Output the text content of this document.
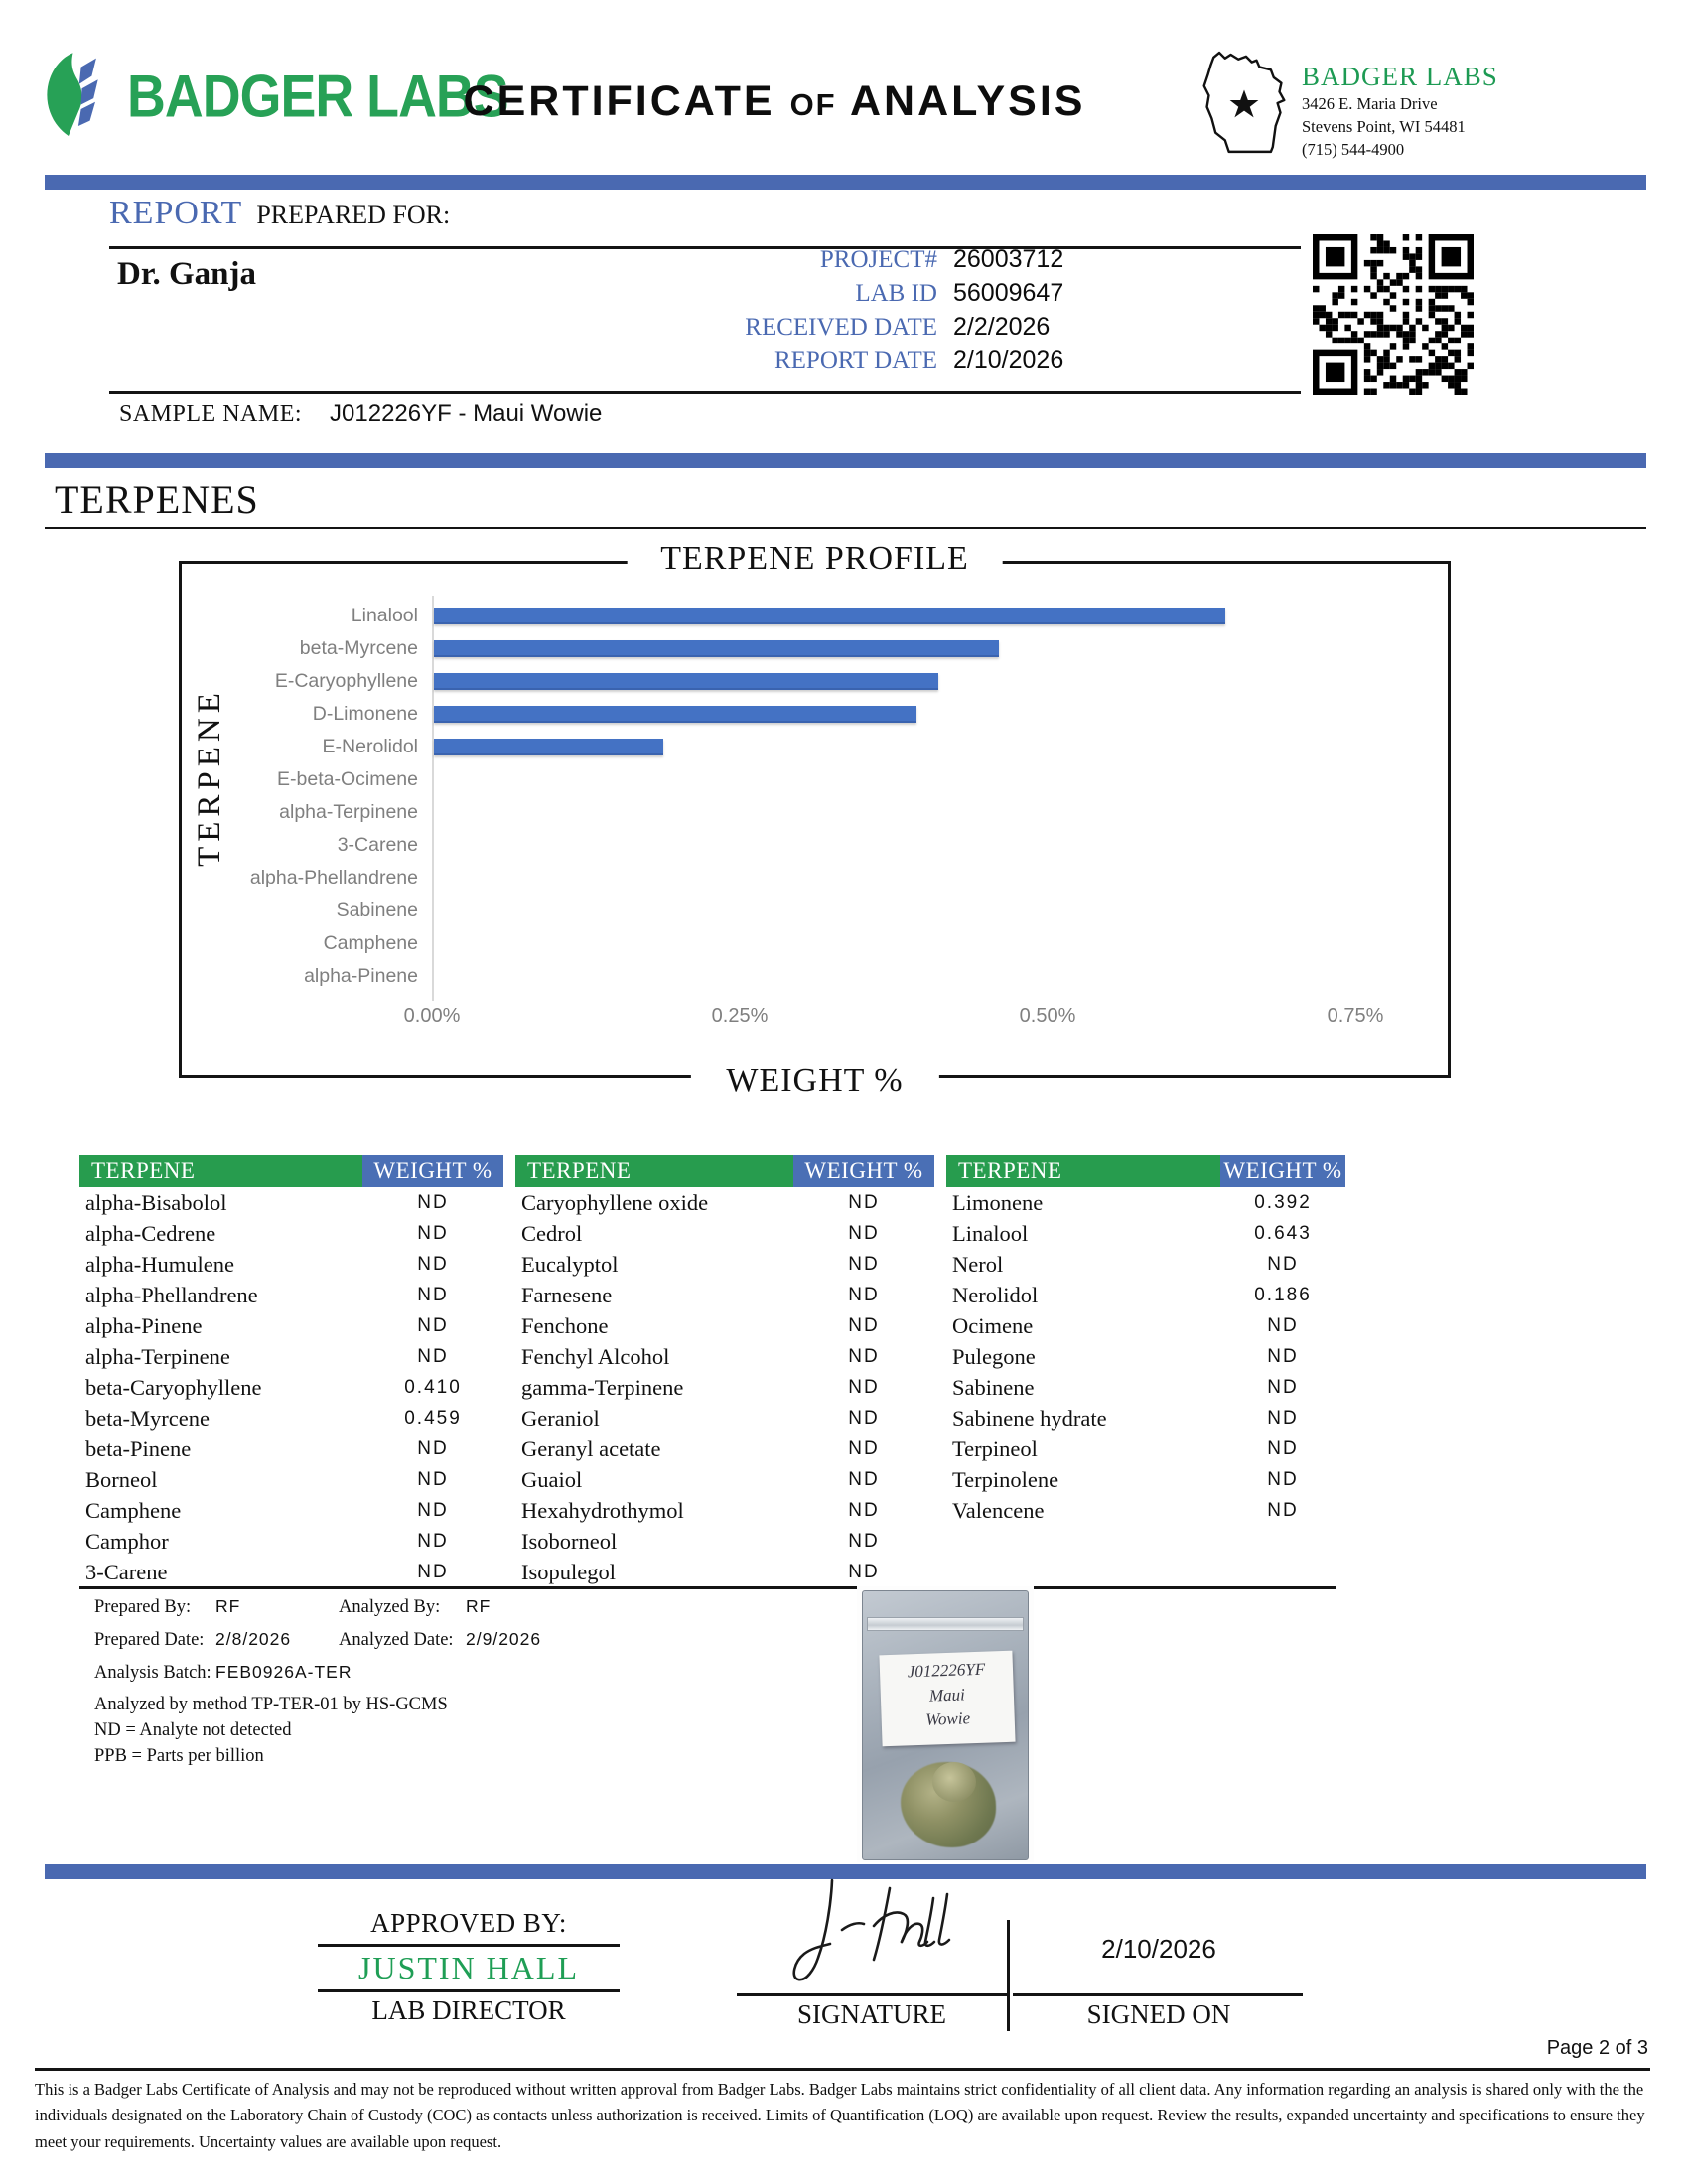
BADGER LABS
CERTIFICATE OF ANALYSIS
BADGER LABS
3426 E. Maria Drive
Stevens Point, WI 54481
(715) 544-4900
REPORT PREPARED FOR:
Dr. Ganja	PROJECT# 26003712
LAB ID 56009647
RECEIVED DATE 2/2/2026
REPORT DATE 2/10/2026
SAMPLE NAME: J012226YF - Maui Wowie
TERPENES
TERPENE PROFILE
TERPENE
Linalool
beta-Myrcene
E-Caryophyllene
D-Limonene
E-Nerolidol
E-beta-Ocimene
alpha-Terpinene
3-Carene
alpha-Phellandrene
Sabinene
Camphene
alpha-Pinene
0.00%	0.25%	0.50%	0.75%
WEIGHT %
TERPENE	WEIGHT %	TERPENE	WEIGHT %	TERPENE	WEIGHT %
alpha-Bisabolol	ND	Caryophyllene oxide	ND	Limonene	0.392
alpha-Cedrene	ND	Cedrol	ND	Linalool	0.643
alpha-Humulene	ND	Eucalyptol	ND	Nerol	ND
alpha-Phellandrene	ND	Farnesene	ND	Nerolidol	0.186
alpha-Pinene	ND	Fenchone	ND	Ocimene	ND
alpha-Terpinene	ND	Fenchyl Alcohol	ND	Pulegone	ND
beta-Caryophyllene	0.410	gamma-Terpinene	ND	Sabinene	ND
beta-Myrcene	0.459	Geraniol	ND	Sabinene hydrate	ND
beta-Pinene	ND	Geranyl acetate	ND	Terpineol	ND
Borneol	ND	Guaiol	ND	Terpinolene	ND
Camphene	ND	Hexahydrothymol	ND	Valencene	ND
Camphor	ND	Isoborneol	ND
3-Carene	ND	Isopulegol	ND
Prepared By:	RF	Analyzed By:	RF
Prepared Date: 2/8/2026	Analyzed Date: 2/9/2026
Analysis Batch: FEB0926A-TER
Analyzed by method TP-TER-01 by HS-GCMS
ND = Analyte not detected
PPB = Parts per billion
J012226YF
Maui
Wowie
APPROVED BY:
JUSTIN HALL
LAB DIRECTOR	SIGNATURE
2/10/2026
SIGNED ON
Page 2 of 3
This is a Badger Labs Certificate of Analysis and may not be reproduced without written approval from Badger Labs. Badger Labs maintains strict confidentiality of all client data. Any information regarding an analysis is shared only with the the individuals designated on the Laboratory Chain of Custody (COC) as contacts unless authorization is received. Limits of Quantification (LOQ) are available upon request. Review the results, expanded uncertainty and specifications to ensure they meet your requirements. Uncertainty values are available upon request.
